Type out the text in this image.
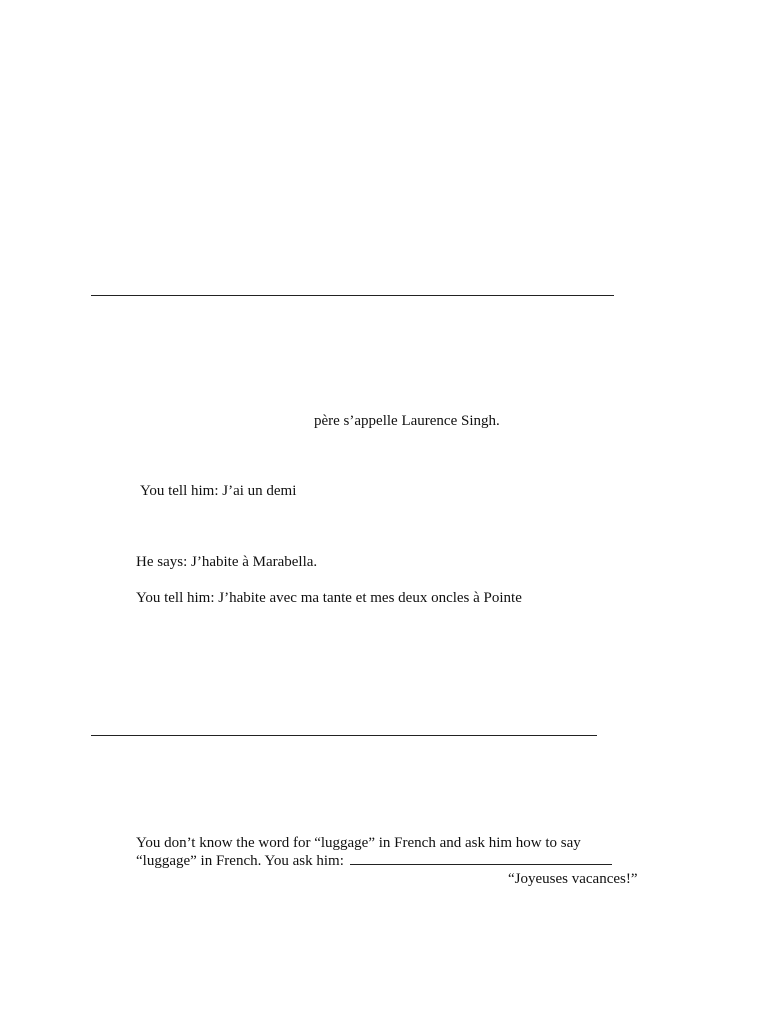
père s’appelle Laurence Singh.
You tell him: J’ai un demi
He says: J’habite à Marabella.
You tell him: J’habite avec ma tante et mes deux oncles à Pointe
You don’t know the word for “luggage” in French and ask him how to say
“luggage” in French. You ask him:
“Joyeuses vacances!”
